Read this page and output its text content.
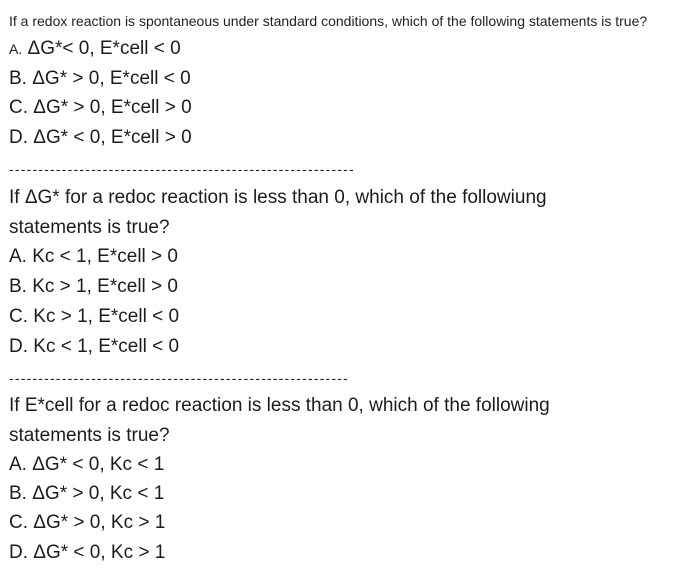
If a redox reaction is spontaneous under standard conditions, which of the following statements is true?
A. ΔG*< 0, E*cell < 0
B. ΔG* > 0, E*cell < 0
C. ΔG* > 0, E*cell > 0
D. ΔG* < 0, E*cell > 0
-----------------------------------------------------------
If ΔG* for a redoc reaction is less than 0, which of the followiung
statements is true?
A. Kc < 1, E*cell > 0
B. Kc > 1, E*cell > 0
C. Kc > 1, E*cell < 0
D. Kc < 1, E*cell < 0
----------------------------------------------------------
If E*cell for a redoc reaction is less than 0, which of the following
statements is true?
A. ΔG* < 0, Kc < 1
B. ΔG* > 0, Kc < 1
C. ΔG* > 0, Kc > 1
D. ΔG* < 0, Kc > 1
